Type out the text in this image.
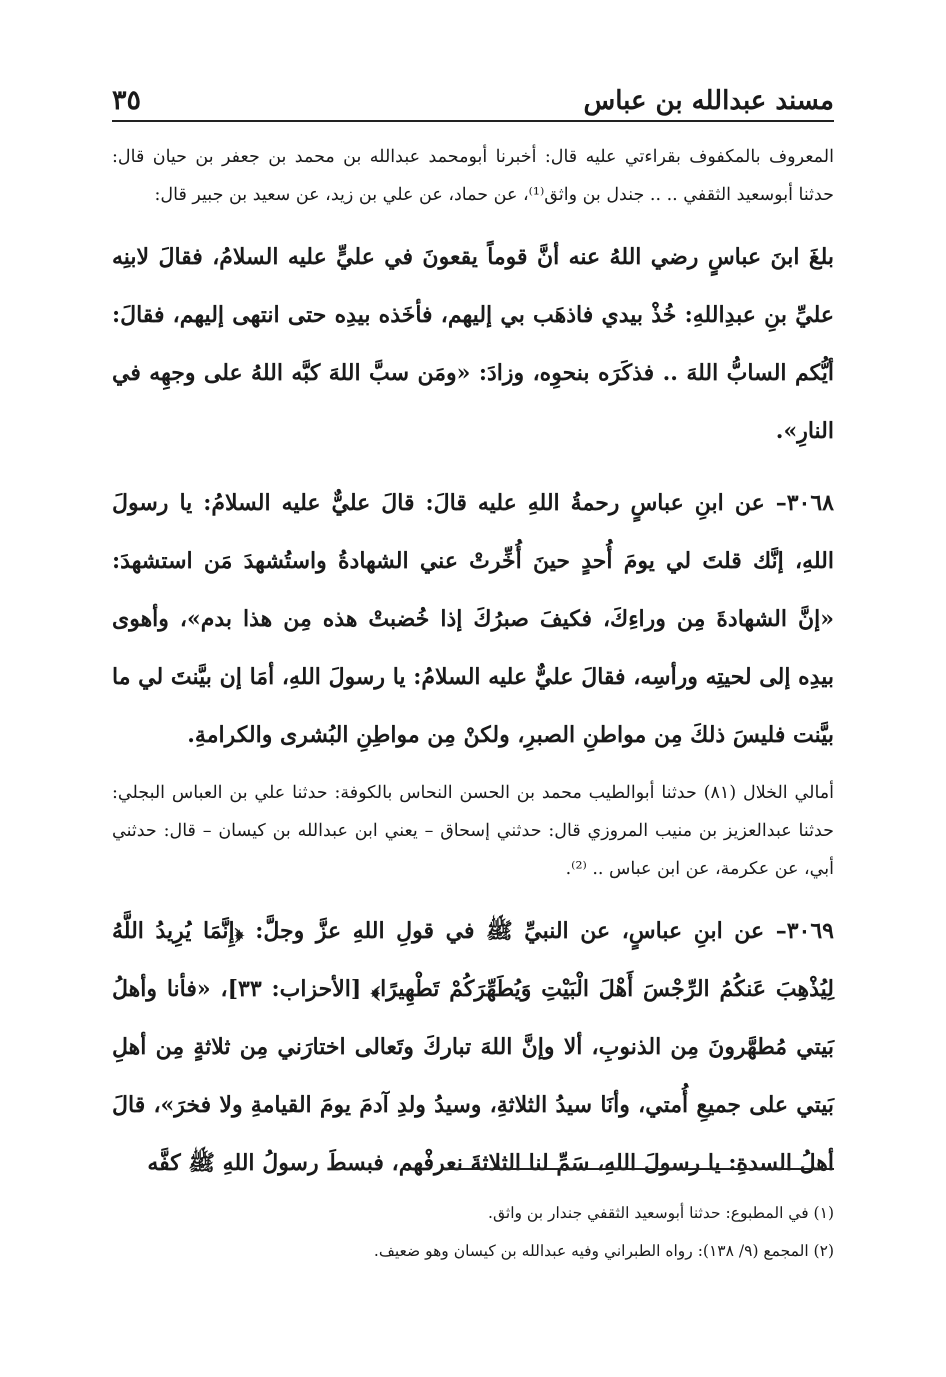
مسند عبدالله بن عباس
٣٥

المعروف بالمكفوف بقراءتي عليه قال: أخبرنا أبومحمد عبدالله بن محمد بن جعفر بن حيان قال: حدثنا أبوسعيد الثقفي .. .. جندل بن واثق⁽¹⁾، عن حماد، عن علي بن زيد، عن سعيد بن جبير قال:

بلغَ ابنَ عباسٍ رضي اللهُ عنه أنَّ قوماً يقعونَ في عليٍّ عليه السلامُ، فقالَ لابنِه عليِّ بنِ عبدِاللهِ: خُذْ بيدي فاذهَب بي إليهم، فأخَذه بيدِه حتى انتهى إليهم، فقالَ: أيُّكم السابُّ اللهَ .. فذكَرَه بنحوِه، وزادَ: «ومَن سبَّ اللهَ كبَّه اللهُ على وجهِه في النارِ».

٣٠٦٨– عن ابنِ عباسٍ رحمةُ اللهِ عليه قالَ: قالَ عليٌّ عليه السلامُ: يا رسولَ اللهِ، إنَّك قلتَ لي يومَ أُحدٍ حينَ أُخِّرتْ عني الشهادةُ واستُشهدَ مَن استشهدَ: «إنَّ الشهادةَ مِن وراءِكَ، فكيفَ صبرُكَ إذا خُضبتْ هذه مِن هذا بدم»، وأهوى بيدِه إلى لحيتِه ورأسِه، فقالَ عليٌّ عليه السلامُ: يا رسولَ اللهِ، أمَا إن بيَّنتَ لي ما بيَّنت فليسَ ذلكَ مِن مواطنِ الصبرِ، ولكنْ مِن مواطِنِ البُشرى والكرامةِ.

أمالي الخلال (٨١) حدثنا أبوالطيب محمد بن الحسن النحاس بالكوفة: حدثنا علي بن العباس البجلي: حدثنا عبدالعزيز بن منيب المروزي قال: حدثني إسحاق – يعني ابن عبدالله بن كيسان – قال: حدثني أبي، عن عكرمة، عن ابن عباس .. ⁽²⁾.

٣٠٦٩– عن ابنِ عباسٍ، عن النبيِّ ﷺ في قولِ اللهِ عزَّ وجلَّ: ﴿إِنَّمَا يُرِيدُ اللَّهُ لِيُذْهِبَ عَنكُمُ الرِّجْسَ أَهْلَ الْبَيْتِ وَيُطَهِّرَكُمْ تَطْهِيرًا﴾ [الأحزاب: ٣٣]، «فأنا وأهلُ بَيتي مُطهَّرونَ مِن الذنوبِ، ألا وإنَّ اللهَ تباركَ وتَعالى اختارَني مِن ثلاثةٍ مِن أهلِ بَيتي على جميعِ أُمتي، وأنَا سيدُ الثلاثةِ، وسيدُ ولدِ آدمَ يومَ القيامةِ ولا فخرَ»، قالَ أهلُ السدةِ: يا رسولَ اللهِ، سَمِّ لنا الثلاثةَ نعرفْهم، فبسطَ رسولُ اللهِ ﷺ كفَّه

(١) في المطبوع: حدثنا أبوسعيد الثقفي جندار بن واثق.

(٢) المجمع (٩/ ١٣٨): رواه الطبراني وفيه عبدالله بن كيسان وهو ضعيف.
